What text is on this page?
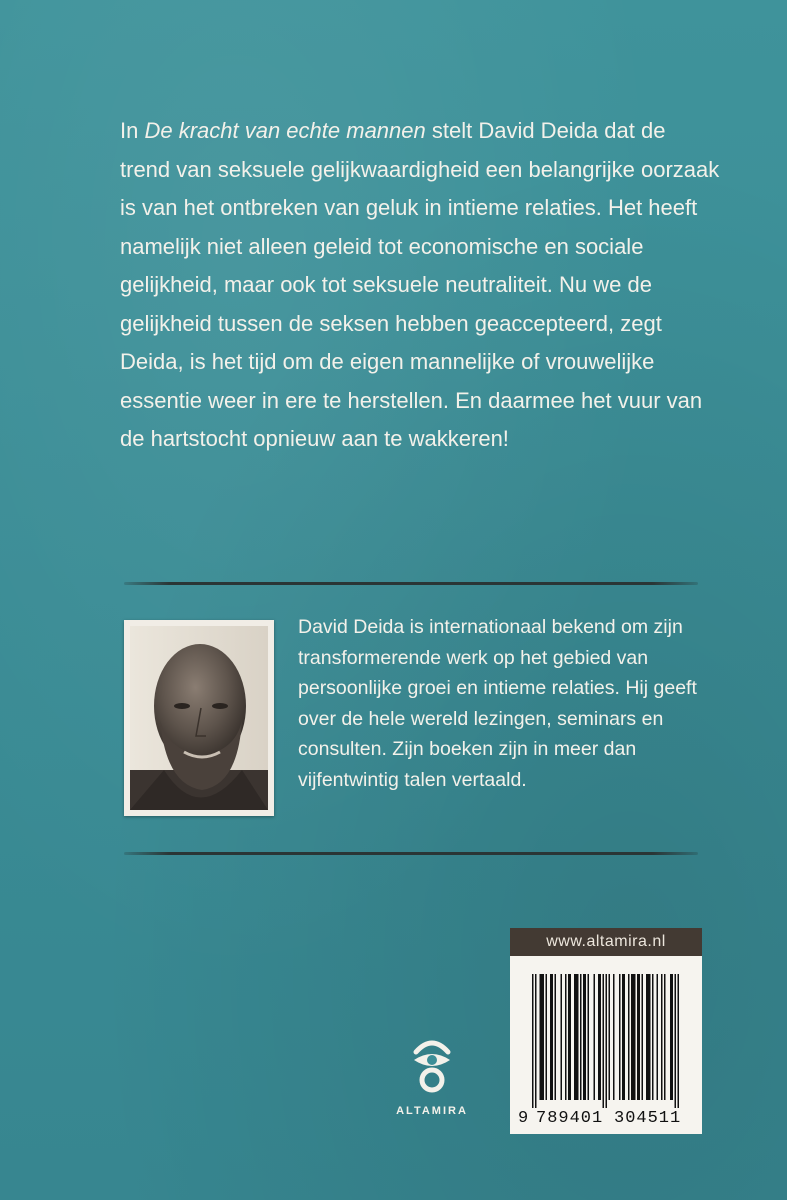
In De kracht van echte mannen stelt David Deida dat de trend van seksuele gelijkwaardigheid een belangrijke oorzaak is van het ontbreken van geluk in intieme relaties. Het heeft namelijk niet alleen geleid tot economische en sociale gelijkheid, maar ook tot seksuele neutraliteit. Nu we de gelijkheid tussen de seksen hebben geaccepteerd, zegt Deida, is het tijd om de eigen mannelijke of vrouwelijke essentie weer in ere te herstellen. En daarmee het vuur van de hartstocht opnieuw aan te wakkeren!

David Deida is internationaal bekend om zijn transformerende werk op het gebied van persoonlijke groei en intieme relaties. Hij geeft over de hele wereld lezingen, seminars en consulten. Zijn boeken zijn in meer dan vijfentwintig talen vertaald.

ALTAMIRA
www.altamira.nl
9 789401 304511
